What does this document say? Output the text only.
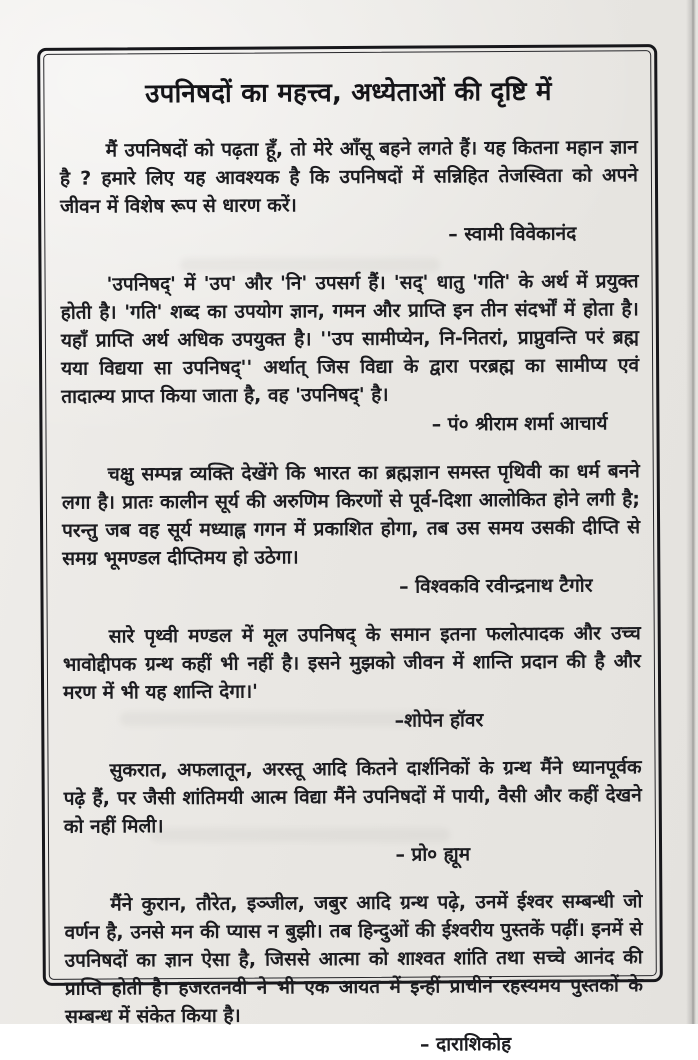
उपनिषदों का महत्त्व, अध्येताओं की दृष्टि में

मैं उपनिषदों को पढ़ता हूँ, तो मेरे आँसू बहने लगते हैं। यह कितना महान ज्ञान है ? हमारे लिए यह आवश्यक है कि उपनिषदों में सन्निहित तेजस्विता को अपने जीवन में विशेष रूप से धारण करें।

– स्वामी विवेकानंद

'उपनिषद्' में 'उप' और 'नि' उपसर्ग हैं। 'सद्' धातु 'गति' के अर्थ में प्रयुक्त होती है। 'गति' शब्द का उपयोग ज्ञान, गमन और प्राप्ति इन तीन संदर्भों में होता है। यहाँ प्राप्ति अर्थ अधिक उपयुक्त है। ''उप सामीप्येन, नि-नितरां, प्राप्नुवन्ति परं ब्रह्म यया विद्यया सा उपनिषद्'' अर्थात् जिस विद्या के द्वारा परब्रह्म का सामीप्य एवं तादात्म्य प्राप्त किया जाता है, वह 'उपनिषद्' है।

– पं० श्रीराम शर्मा आचार्य

चक्षु सम्पन्न व्यक्ति देखेंगे कि भारत का ब्रह्मज्ञान समस्त पृथिवी का धर्म बनने लगा है। प्रातः कालीन सूर्य की अरुणिम किरणों से पूर्व-दिशा आलोकित होने लगी है; परन्तु जब वह सूर्य मध्याह्न गगन में प्रकाशित होगा, तब उस समय उसकी दीप्ति से समग्र भूमण्डल दीप्तिमय हो उठेगा।

– विश्वकवि रवीन्द्रनाथ टैगोर

सारे पृथ्वी मण्डल में मूल उपनिषद् के समान इतना फलोत्पादक और उच्च भावोद्दीपक ग्रन्थ कहीं भी नहीं है। इसने मुझको जीवन में शान्ति प्रदान की है और मरण में भी यह शान्ति देगा।'

–शोपेन हॉवर

सुकरात, अफलातून, अरस्तू आदि कितने दार्शनिकों के ग्रन्थ मैंने ध्यानपूर्वक पढ़े हैं, पर जैसी शांतिमयी आत्म विद्या मैंने उपनिषदों में पायी, वैसी और कहीं देखने को नहीं मिली।

– प्रो० ह्यूम

मैंने कुरान, तौरेत, इञ्जील, जबुर आदि ग्रन्थ पढ़े, उनमें ईश्वर सम्बन्धी जो वर्णन है, उनसे मन की प्यास न बुझी। तब हिन्दुओं की ईश्वरीय पुस्तकें पढ़ीं। इनमें से उपनिषदों का ज्ञान ऐसा है, जिससे आत्मा को शाश्वत शांति तथा सच्चे आनंद की प्राप्ति होती है। हजरतनवी ने भी एक आयत में इन्हीं प्राचीनं रहस्यमय पुस्तकों के सम्बन्ध में संकेत किया है।

– दाराशिकोह
